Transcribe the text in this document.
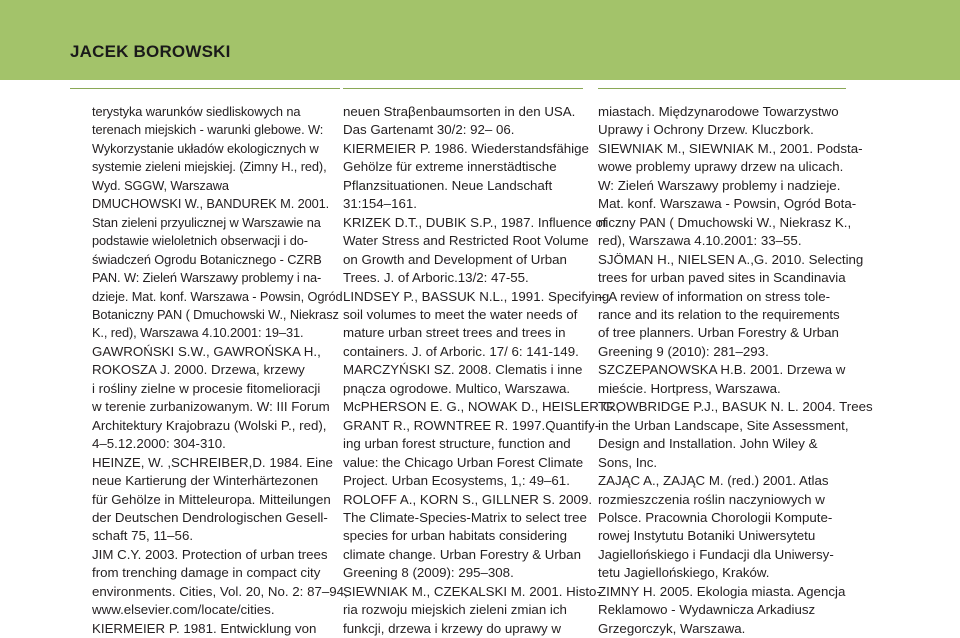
JACEK BOROWSKI
terystyka warunków siedliskowych na
terenach miejskich - warunki glebowe. W:
Wykorzystanie układów ekologicznych w
systemie zieleni miejskiej. (Zimny H., red),
Wyd. SGGW, Warszawa
DMUCHOWSKI W., BANDUREK M. 2001.
Stan zieleni przyulicznej w Warszawie na
podstawie wieloletnich obserwacji i do-
świadczeń Ogrodu Botanicznego - CZRB
PAN. W: Zieleń Warszawy problemy i na-
dzieje. Mat. konf. Warszawa - Powsin, Ogród
Botaniczny PAN ( Dmuchowski W., Niekrasz
K., red), Warszawa 4.10.2001: 19–31.
GAWROŃSKI S.W., GAWROŃSKA H.,
ROKOSZA J. 2000. Drzewa, krzewy
i rośliny zielne w procesie fitomelioracji
w terenie zurbanizowanym. W: III Forum
Architektury Krajobrazu (Wolski P., red),
4–5.12.2000: 304-310.
HEINZE, W. ,SCHREIBER,D. 1984. Eine
neue Kartierung der Winterhärtezonen
für Gehölze in Mitteleuropa. Mitteilungen
der Deutschen Dendrologischen Gesell-
schaft 75, 11–56.
JIM C.Y. 2003. Protection of urban trees
from trenching damage in compact city
environments. Cities, Vol. 20, No. 2: 87–94,
www.elsevier.com/locate/cities.
KIERMEIER P. 1981. Entwicklung von
neuen Straβenbaumsorten in den USA.
Das Gartenamt 30/2: 92– 06.
KIERMEIER P. 1986. Wiederstandsfähige
Gehölze für extreme innerstädtische
Pflanzsituationen. Neue Landschaft
31:154–161.
KRIZEK D.T., DUBIK S.P., 1987. Influence of
Water Stress and Restricted Root Volume
on Growth and Development of Urban
Trees. J. of Arboric.13/2: 47-55.
LINDSEY P., BASSUK N.L., 1991. Specifying
soil volumes to meet the water needs of
mature urban street trees and trees in
containers. J. of Arboric. 17/ 6: 141-149.
MARCZYŃSKI SZ. 2008. Clematis i inne
pnącza ogrodowe. Multico, Warszawa.
McPHERSON E. G., NOWAK D., HEISLER G.,
GRANT R., ROWNTREE R. 1997.Quantify-
ing urban forest structure, function and
value: the Chicago Urban Forest Climate
Project. Urban Ecosystems, 1,: 49–61.
ROLOFF A., KORN S., GILLNER S. 2009.
The Climate-Species-Matrix to select tree
species for urban habitats considering
climate change. Urban Forestry & Urban
Greening 8 (2009): 295–308.
SIEWNIAK M., CZEKALSKI M. 2001. Histo-
ria rozwoju miejskich zieleni zmian ich
funkcji, drzewa i krzewy do uprawy w
miastach. Międzynarodowe Towarzystwo
Uprawy i Ochrony Drzew. Kluczbork.
SIEWNIAK M., SIEWNIAK M., 2001. Podsta-
wowe problemy uprawy drzew na ulicach.
W: Zieleń Warszawy problemy i nadzieje.
Mat. konf. Warszawa - Powsin, Ogród Bota-
niczny PAN ( Dmuchowski W., Niekrasz K.,
red), Warszawa 4.10.2001: 33–55.
SJÖMAN H., NIELSEN A.,G. 2010. Selecting
trees for urban paved sites in Scandinavia
– A review of information on stress tole-
rance and its relation to the requirements
of tree planners. Urban Forestry & Urban
Greening 9 (2010): 281–293.
SZCZEPANOWSKA H.B. 2001. Drzewa w
mieście. Hortpress, Warszawa.
TROWBRIDGE P.J., BASUK N. L. 2004. Trees
in the Urban Landscape, Site Assessment,
Design and Installation. John Wiley &
Sons, Inc.
ZAJĄC A., ZAJĄC M. (red.) 2001. Atlas
rozmieszczenia roślin naczyniowych w
Polsce. Pracownia Chorologii Kompute-
rowej Instytutu Botaniki Uniwersytetu
Jagiellońskiego i Fundacji dla Uniwersy-
tetu Jagiellońskiego, Kraków.
ZIMNY H. 2005. Ekologia miasta. Agencja
Reklamowo - Wydawnicza Arkadiusz
Grzegorczyk, Warszawa.
